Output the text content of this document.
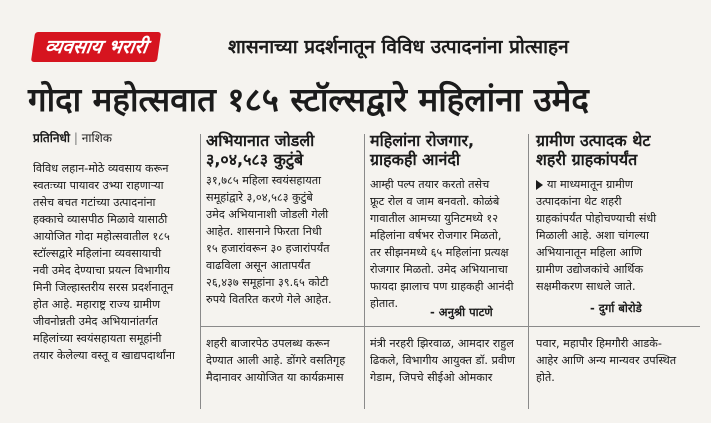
व्यवसाय भरारी	शासनाच्या प्रदर्शनातून विविध उत्पादनांना प्रोत्साहन
गोदा महोत्सवात १८५ स्टॉल्सद्वारे महिलांना उमेद
प्रतिनिधी | नाशिक

विविध लहान-मोठे व्यवसाय करून

स्वतःच्या पायावर उभ्या राहणाऱ्या

तसेच बचत गटांच्या उत्पादनांना

हक्काचे व्यासपीठ मिळावे यासाठी

आयोजित गोदा महोत्सवातील १८५

स्टॉल्सद्वारे महिलांना व्यवसायाची

नवी उमेद देण्याचा प्रयत्न विभागीय

मिनी जिल्हास्तरीय सरस प्रदर्शनातून

होत आहे. महाराष्ट्र राज्य ग्रामीण

जीवनोन्नती उमेद अभियानांतर्गत

महिलांच्या स्वयंसहायता समूहांनी

तयार केलेल्या वस्तू व खाद्यपदार्थांना

अभियानात जोडली
३,०४,५८३ कुटुंबे

३१,७८५ महिला स्वयंसहायता

समूहांद्वारे ३,०४,५८३ कुटुंबे

उमेद अभियानाशी जोडली गेली

आहेत. शासनाने फिरता निधी

१५ हजारांवरून ३० हजारांपर्यंत

वाढविला असून आतापर्यंत

२६,४३७ समूहांना ३९.६५ कोटी

रुपये वितरित करणे गेले आहेत.

शहरी बाजारपेठ उपलब्ध करून

देण्यात आली आहे. डोंगरे वसतिगृह

मैदानावर आयोजित या कार्यक्रमास

महिलांना रोजगार,
ग्राहकही आनंदी

आम्ही पल्प तयार करतो तसेच

फ्रूट रोल व जाम बनवतो. कोळंबे

गावातील आमच्या युनिटमध्ये १२

महिलांना वर्षभर रोजगार मिळतो,

तर सीझनमध्ये ६५ महिलांना प्रत्यक्ष

रोजगार मिळतो. उमेद अभियानाचा

फायदा झालाच पण ग्राहकही आनंदी

होतात.

- अनुश्री पाटणे

मंत्री नरहरी झिरवाळ, आमदार राहुल

ढिकले, विभागीय आयुक्त डॉ. प्रवीण

गेडाम, जिपचे सीईओ ओमकार

ग्रामीण उत्पादक थेट
शहरी ग्राहकांपर्यंत

या माध्यमातून ग्रामीण

उत्पादकांना थेट शहरी

ग्राहकांपर्यंत पोहोचण्याची संधी

मिळाली आहे. अशा चांगल्या

अभियानातून महिला आणि

ग्रामीण उद्योजकांचे आर्थिक

सक्षमीकरण साधले जाते.

- दुर्गा बोरोडे

पवार, महापौर हिमगौरी आडके-

आहेर आणि अन्य मान्यवर उपस्थित

होते.
